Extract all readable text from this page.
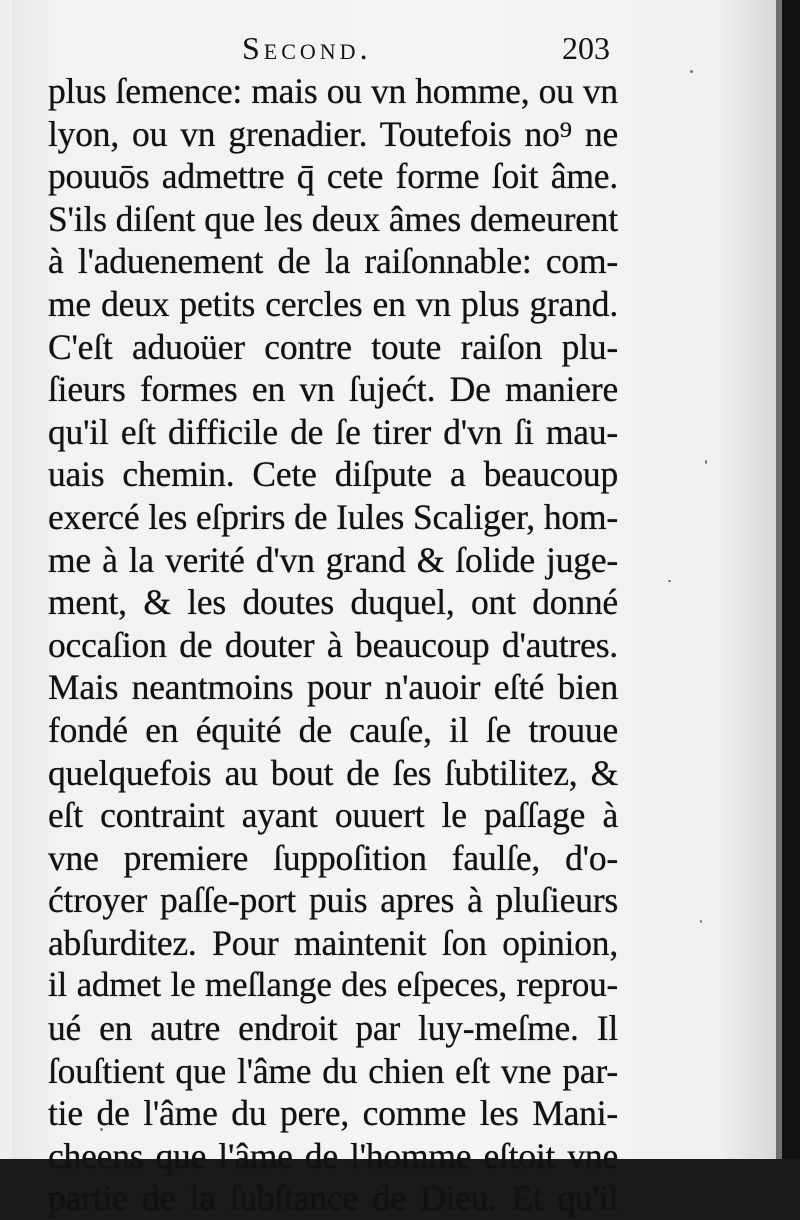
Second.	203
plus ſemence: mais ou vn homme, ou vn
lyon, ou vn grenadier. Toutefois no⁹ ne
pouuōs admettre q̄ cete forme ſoit âme.
S'ils diſent que les deux âmes demeurent
à l'aduenement de la raiſonnable: com-
me deux petits cercles en vn plus grand.
C'eſt aduoüer contre toute raiſon plu-
ſieurs formes en vn ſujećt. De maniere
qu'il eſt difficile de ſe tirer d'vn ſi mau-
uais chemin. Cete diſpute a beaucoup
exercé les eſprirs de Iules Scaliger, hom-
me à la verité d'vn grand & ſolide juge-
ment, & les doutes duquel, ont donné
occaſion de douter à beaucoup d'autres.
Mais neantmoins pour n'auoir eſté bien
fondé en équité de cauſe, il ſe trouue
quelquefois au bout de ſes ſubtilitez, &
eſt contraint ayant ouuert le paſſage à
vne premiere ſuppoſition faulſe, d'o-
ćtroyer paſſe-port puis apres à pluſieurs
abſurditez. Pour maintenit ſon opinion,
il admet le meſlange des eſpeces, reprou-
ué en autre endroit par luy-meſme. Il
ſouſtient que l'âme du chien eſt vne par-
tie de l'âme du pere, comme les Mani-
cheens que l'âme de l'homme eſtoit vne
partie de la ſubſtance de Dieu. Et qu'il
